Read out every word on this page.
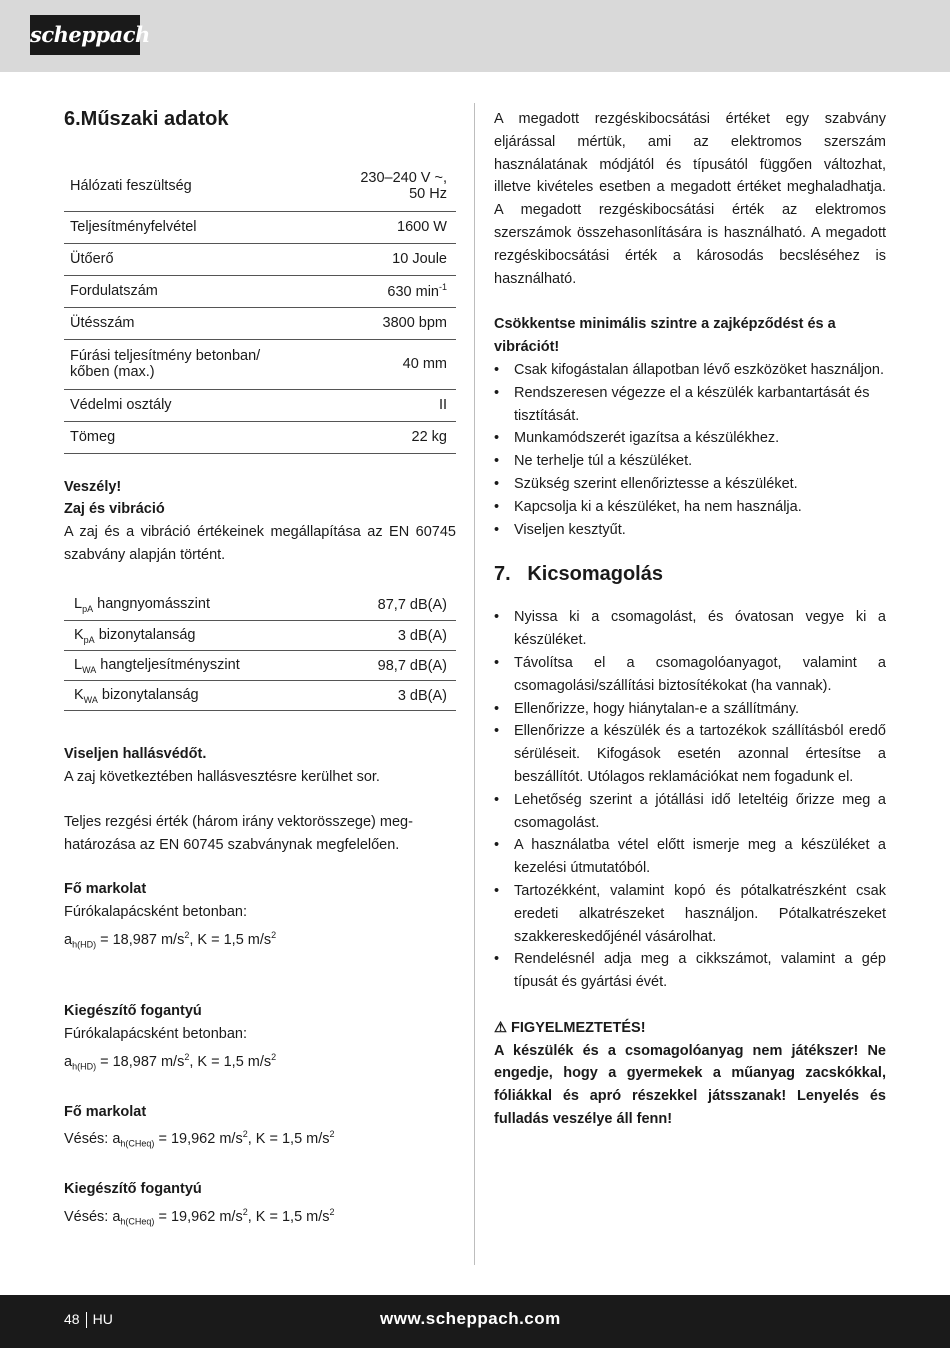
scheppach
6.Műszaki adatok
Hálózati feszültség	230–240 V ~,
50 Hz
Teljesítményfelvétel	1600 W
Ütőerő	10 Joule
Fordulatszám	630 $\min^{-1}$
Ütésszám	3800 bpm
Fúrási teljesítmény betonban/
kőben (max.)	40 mm
Védelmi osztály	II
Tömeg	22 kg

Veszély!

Zaj és vibráció

A zaj és a vibráció értékeinek megállapítása az EN 60745 szabvány alapján történt.

$L_{pA}$ hangnyomásszint	87,7 dB(A)
$K_{pA}$ bizonytalanság	3 dB(A)
$L_{WA}$ hangteljesítményszint	98,7 dB(A)
$K_{WA}$ bizonytalanság	3 dB(A)

Viseljen hallásvédőt.

A zaj következtében hallásvesztésre kerülhet sor.

Teljes rezgési érték (három irány vektorösszege) meg-

határozása az EN 60745 szabványnak megfelelően.

Fő markolat

Fúrókalapácsként betonban:

$a_{h(HD)} = 18,987$ $m/s^2$, K = 1,5 $m/s^2$

Kiegészítő fogantyú

Fúrókalapácsként betonban:

$a_{h(HD)} = 18,987$ $m/s^2$, K = 1,5 $m/s^2$

Fő markolat

Vésés: $a_{h(CHeq)} = 19,962$ $m/s^2$, K = 1,5 $m/s^2$

Kiegészítő fogantyú

Vésés: $a_{h(CHeq)} = 19,962$ $m/s^2$, K = 1,5 $m/s^2$

A megadott rezgéskibocsátási értéket egy szabvány eljárással mértük, ami az elektromos szerszám használatának módjától és típusától függően változhat, illetve kivételes esetben a megadott értéket meghaladhatja. A megadott rezgéskibocsátási érték az elektromos szerszámok összehasonlítására is használható. A megadott rezgéskibocsátási érték a károsodás becsléséhez is használható.

Csökkentse minimális szintre a zajképződést és a vibrációt!

• Csak kifogástalan állapotban lévő eszközöket használjon.
• Rendszeresen végezze el a készülék karbantartását és tisztítását.
• Munkamódszerét igazítsa a készülékhez.
• Ne terhelje túl a készüléket.
• Szükség szerint ellenőriztesse a készüléket.
• Kapcsolja ki a készüléket, ha nem használja.
• Viseljen kesztyűt.
7. Kicsomagolás
• Nyissa ki a csomagolást, és óvatosan vegye ki a készüléket.
• Távolítsa el a csomagolóanyagot, valamint a csomagolási/szállítási biztosítékokat (ha vannak).
• Ellenőrizze, hogy hiánytalan-e a szállítmány.
• Ellenőrizze a készülék és a tartozékok szállításból eredő sérüléseit. Kifogások esetén azonnal értesítse a beszállítót. Utólagos reklamációkat nem fogadunk el.
• Lehetőség szerint a jótállási idő leteltéig őrizze meg a csomagolást.
• A használatba vétel előtt ismerje meg a készüléket a kezelési útmutatóból.
• Tartozékként, valamint kopó és pótalkatrészként csak eredeti alkatrészeket használjon. Pótalkatrészeket szakkereskedőjénél vásárolhat.
• Rendelésnél adja meg a cikkszámot, valamint a gép típusát és gyártási évét.

⚠ FIGYELMEZTETÉS!

A készülék és a csomagolóanyag nem játékszer! Ne engedje, hogy a gyermekek a műanyag zacskókkal, fóliákkal és apró részekkel játsszanak! Lenyelés és fulladás veszélye áll fenn!

48 HU	www.scheppach.com
